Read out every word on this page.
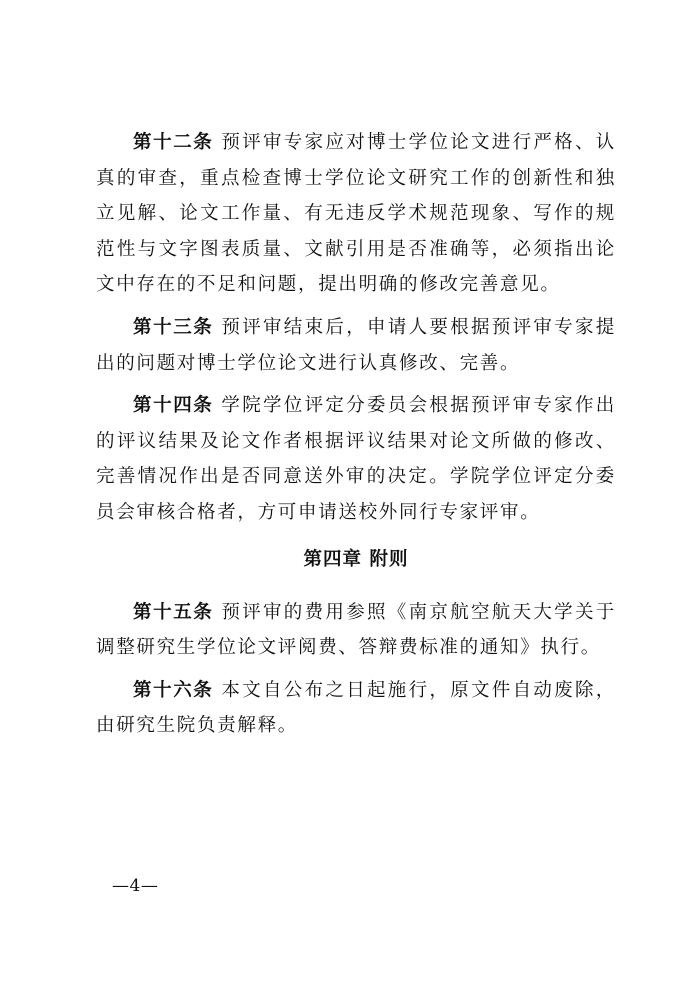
第十二条 预评审专家应对博士学位论文进行严格、认真的审查，重点检查博士学位论文研究工作的创新性和独立见解、论文工作量、有无违反学术规范现象、写作的规范性与文字图表质量、文献引用是否准确等，必须指出论文中存在的不足和问题，提出明确的修改完善意见。

第十三条 预评审结束后，申请人要根据预评审专家提出的问题对博士学位论文进行认真修改、完善。

第十四条 学院学位评定分委员会根据预评审专家作出的评议结果及论文作者根据评议结果对论文所做的修改、完善情况作出是否同意送外审的决定。学院学位评定分委员会审核合格者，方可申请送校外同行专家评审。

第四章 附则

第十五条 预评审的费用参照《南京航空航天大学关于调整研究生学位论文评阅费、答辩费标准的通知》执行。

第十六条 本文自公布之日起施行，原文件自动废除，由研究生院负责解释。

—4—
